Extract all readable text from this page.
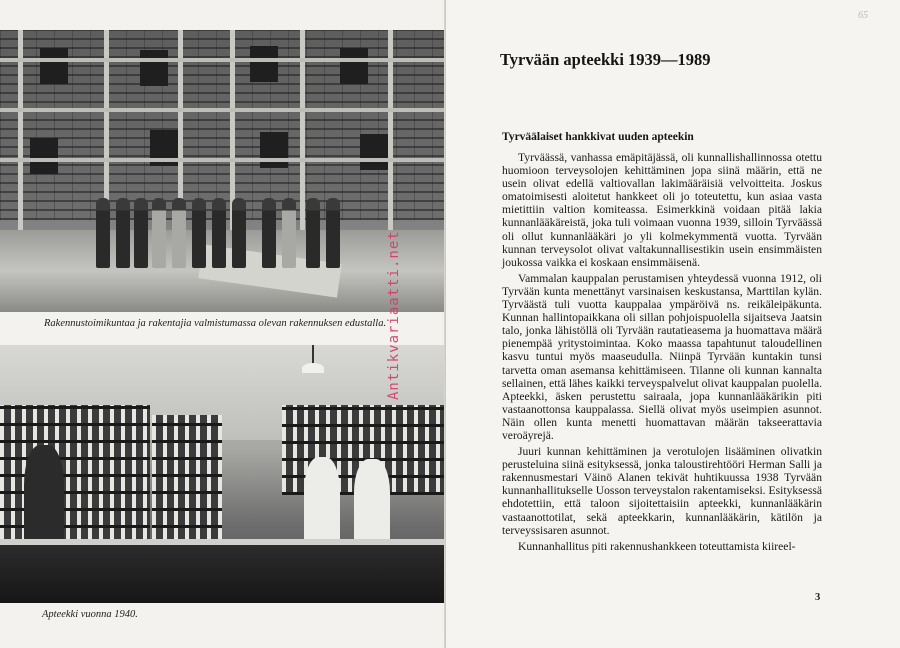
Rakennustoimikuntaa ja rakentajia valmistumassa olevan rakennuksen edustalla.
Apteekki vuonna 1940.
65
Tyrvään apteekki 1939—1989
Tyrväälaiset hankkivat uuden apteekin

Tyrväässä, vanhassa emäpitäjässä, oli kunnallishallinnossa otettu huomioon terveysolojen kehittäminen jopa siinä määrin, että ne usein olivat edellä valtiovallan lakimääräisiä velvoitteita. Joskus omatoimisesti aloitetut hankkeet oli jo toteutettu, kun asiaa vasta mietittiin valtion komiteassa. Esimerkkinä voidaan pitää lakia kunnanlääkäreistä, joka tuli voimaan vuonna 1939, silloin Tyrväässä oli ollut kunnanlääkäri jo yli kolmekymmentä vuotta. Tyrvään kunnan terveysolot olivat valtakunnallisestikin usein ensimmäisten joukossa vaikka ei koskaan ensimmäisenä.

Vammalan kauppalan perustamisen yhteydessä vuonna 1912, oli Tyrvään kunta menettänyt varsinaisen keskustansa, Marttilan kylän. Tyrväästä tuli vuotta kauppalaa ympäröivä ns. reikäleipäkunta. Kunnan hallintopaikkana oli sillan pohjoispuolella sijaitseva Jaatsin talo, jonka lähistöllä oli Tyrvään rautatieasema ja huomattava määrä pienempää yritystoimintaa. Koko maassa tapahtunut taloudellinen kasvu tuntui myös maaseudulla. Niinpä Tyrvään kuntakin tunsi tarvetta oman asemansa kehittämiseen. Tilanne oli kunnan kannalta sellainen, että lähes kaikki terveyspalvelut olivat kauppalan puolella. Apteekki, äsken perustettu sairaala, jopa kunnanlääkärikin piti vastaanottonsa kauppalassa. Siellä olivat myös useimpien asunnot. Näin ollen kunta menetti huomattavan määrän takseerattavia veroäyrejä.

Juuri kunnan kehittäminen ja verotulojen lisääminen olivatkin perusteluina siinä esityksessä, jonka taloustirehtööri Herman Salli ja rakennusmestari Väinö Alanen tekivät huhtikuussa 1938 Tyrvään kunnanhallitukselle Uosson terveystalon rakentamiseksi. Esityksessä ehdotettiin, että taloon sijoitettaisiin apteekki, kunnanlääkärin vastaanottotilat, sekä apteekkarin, kunnanlääkärin, kätilön ja terveyssisaren asunnot.

Kunnanhallitus piti rakennushankkeen toteuttamista kiireel-

3
Antikvariaatti.net
